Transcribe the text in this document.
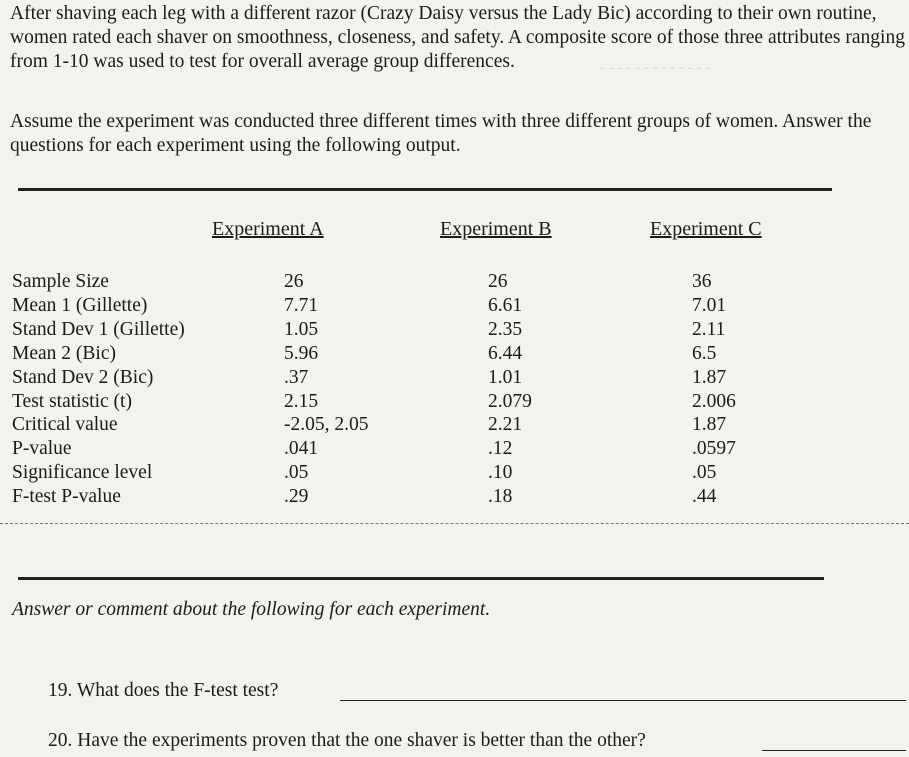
- - - - - - - - - - - - -

After shaving each leg with a different razor (Crazy Daisy versus the Lady Bic) according to their own routine, women rated each shaver on smoothness, closeness, and safety. A composite score of those three attributes ranging from 1-10 was used to test for overall average group differences.

Assume the experiment was conducted three different times with three different groups of women. Answer the questions for each experiment using the following output.

Experiment A	Experiment B	Experiment C
Sample Size
Mean 1 (Gillette)
Stand Dev 1 (Gillette)
Mean 2 (Bic)
Stand Dev 2 (Bic)
Test statistic (t)
Critical value
P-value
Significance level
F-test P-value
26
7.71
1.05
5.96
.37
2.15
-2.05, 2.05
.041
.05
.29
26
6.61
2.35
6.44
1.01
2.079
2.21
.12
.10
.18
36
7.01
2.11
6.5
1.87
2.006
1.87
.0597
.05
.44

Answer or comment about the following for each experiment.

19. What does the F-test test?

20. Have the experiments proven that the one shaver is better than the other?
